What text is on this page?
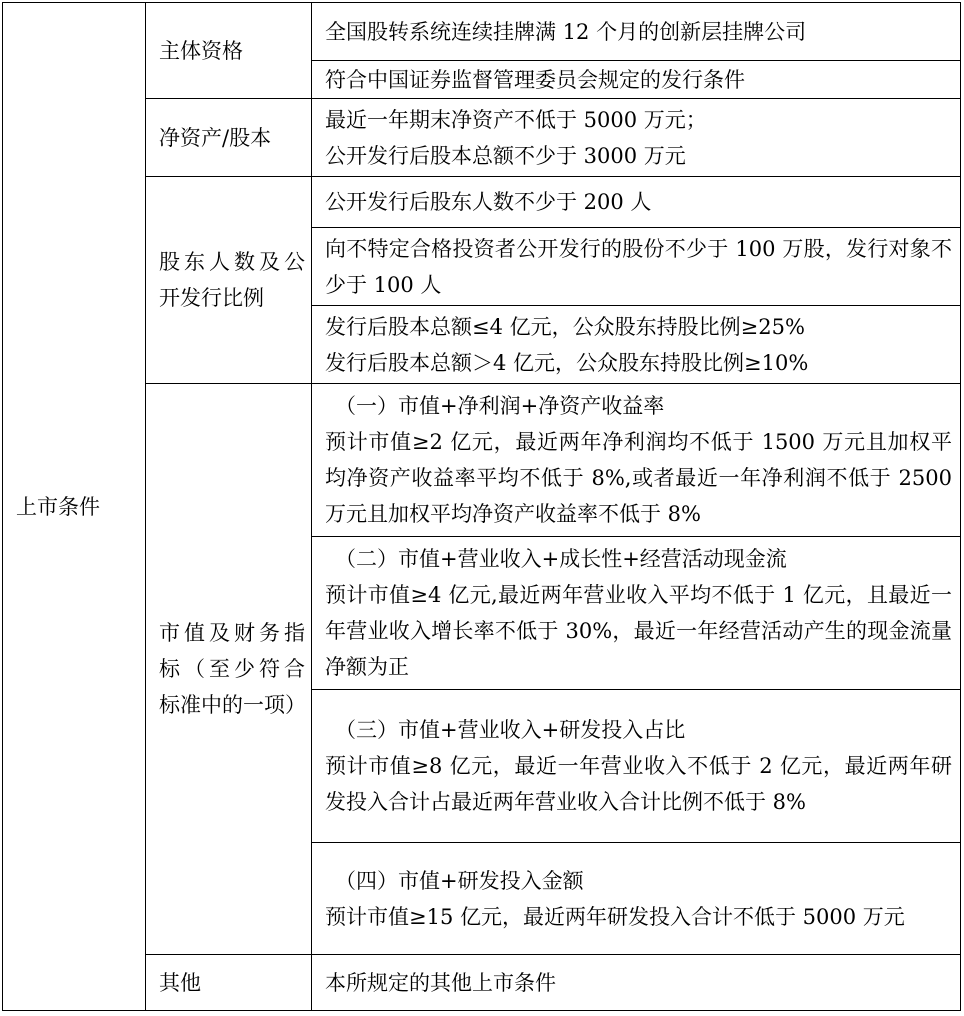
上市条件	主体资格	全国股转系统连续挂牌满 12 个月的创新层挂牌公司

		符合中国证券监督管理委员会规定的发行条件

	净资产/股本	最近一年期末净资产不低于 5000 万元；
公开发行后股本总额不少于 3000 万元

	股东人数及公开发行比例	公开发行后股东人数不少于 200 人

		向不特定合格投资者公开发行的股份不少于 100 万股，发行对象不少于 100 人

		发行后股本总额≤4 亿元，公众股东持股比例≥25%
发行后股本总额＞4 亿元，公众股东持股比例≥10%

	市值及财务指标（至少符合标准中的一项）	（一）市值+净利润+净资产收益率
预计市值≥2 亿元，最近两年净利润均不低于 1500 万元且加权平均净资产收益率平均不低于 8%,或者最近一年净利润不低于 2500 万元且加权平均净资产收益率不低于 8%

		（二）市值+营业收入+成长性+经营活动现金流
预计市值≥4 亿元,最近两年营业收入平均不低于 1 亿元，且最近一年营业收入增长率不低于 30%，最近一年经营活动产生的现金流量净额为正

		（三）市值+营业收入+研发投入占比
预计市值≥8 亿元，最近一年营业收入不低于 2 亿元，最近两年研发投入合计占最近两年营业收入合计比例不低于 8%

		（四）市值+研发投入金额
预计市值≥15 亿元，最近两年研发投入合计不低于 5000 万元

	其他	本所规定的其他上市条件
